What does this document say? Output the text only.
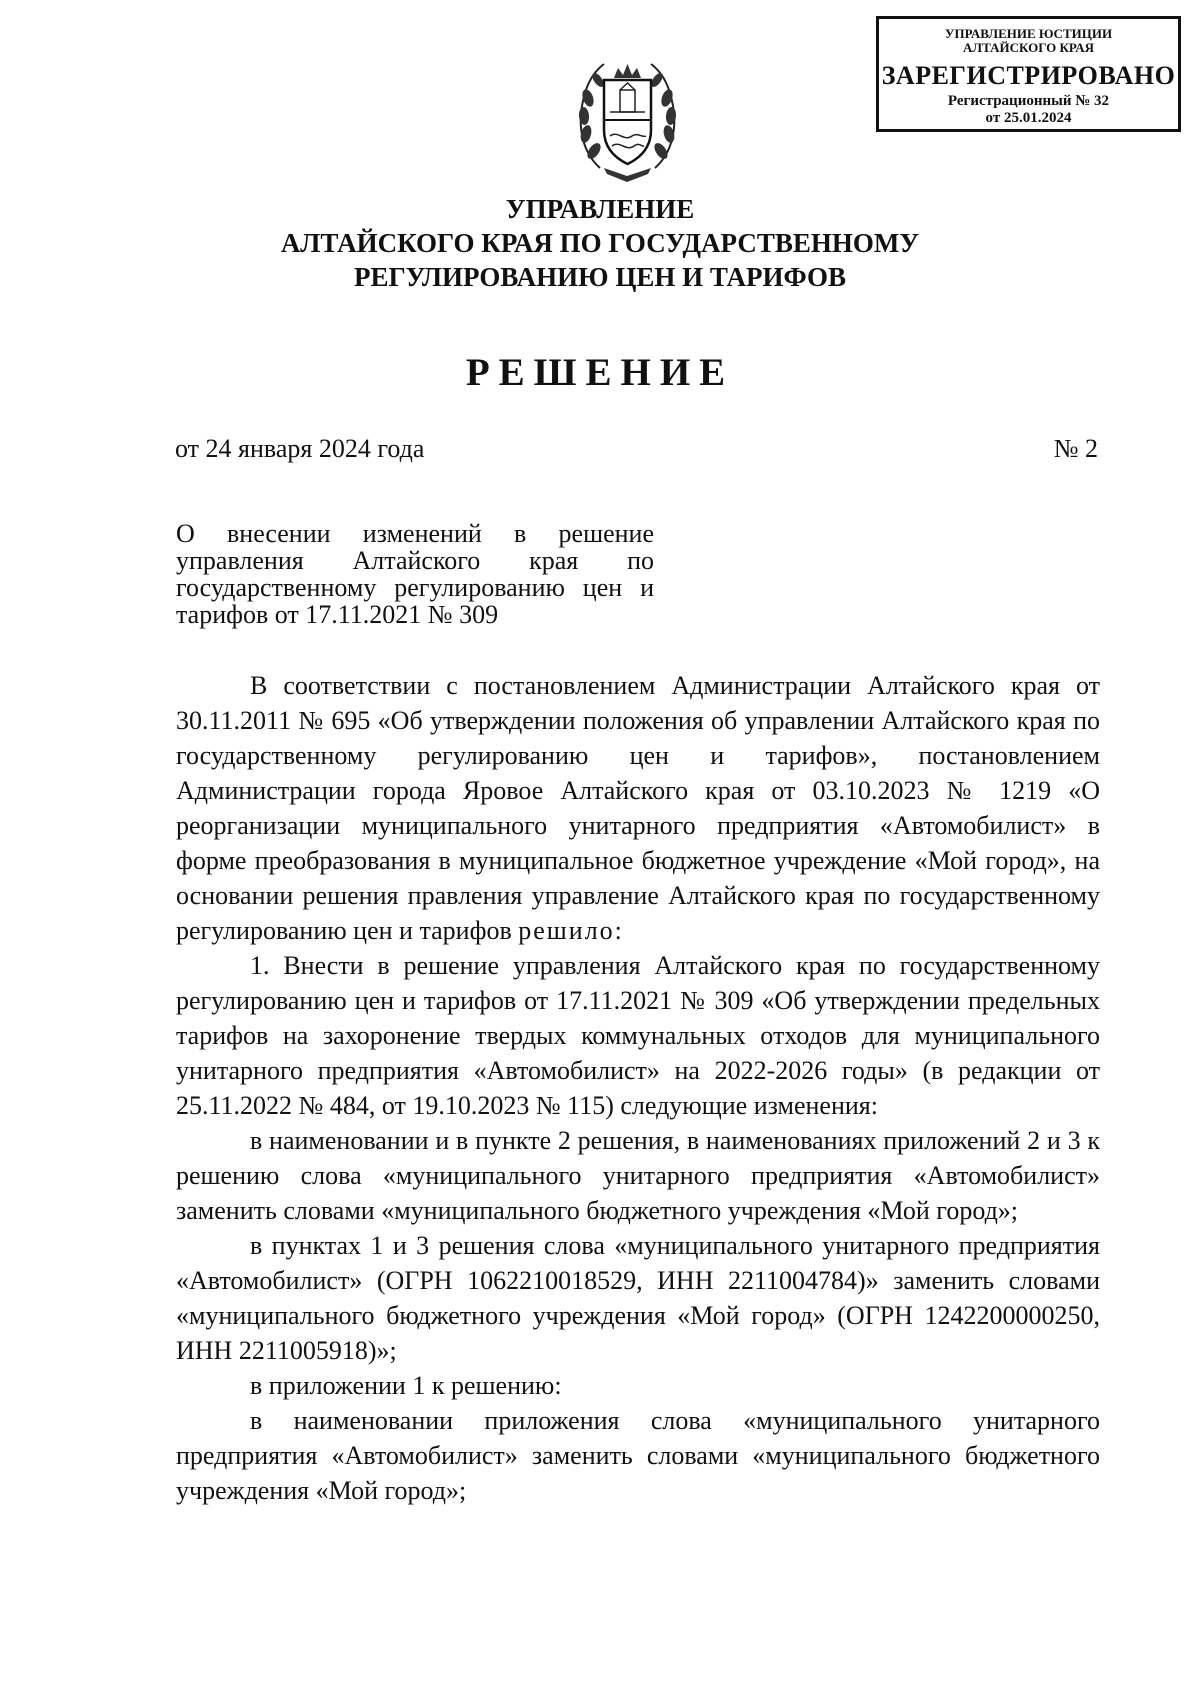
УПРАВЛЕНИЕ ЮСТИЦИИ
АЛТАЙСКОГО КРАЯ
ЗАРЕГИСТРИРОВАНО
Регистрационный № 32
от 25.01.2024
УПРАВЛЕНИЕ
АЛТАЙСКОГО КРАЯ ПО ГОСУДАРСТВЕННОМУ
РЕГУЛИРОВАНИЮ ЦЕН И ТАРИФОВ
РЕШЕНИЕ
от 24 января 2024 года	№ 2
О внесении изменений в решение управления Алтайского края по государственному регулированию цен и тарифов от 17.11.2021 № 309

В соответствии с постановлением Администрации Алтайского края от 30.11.2011 № 695 «Об утверждении положения об управлении Алтайского края по государственному регулированию цен и тарифов», постановлением Администрации города Яровое Алтайского края от 03.10.2023 № 1219 «О реорганизации муниципального унитарного предприятия «Автомобилист» в форме преобразования в муниципальное бюджетное учреждение «Мой город», на основании решения правления управление Алтайского края по государственному регулированию цен и тарифов решило:

1. Внести в решение управления Алтайского края по государственному регулированию цен и тарифов от 17.11.2021 № 309 «Об утверждении предельных тарифов на захоронение твердых коммунальных отходов для муниципального унитарного предприятия «Автомобилист» на 2022-2026 годы» (в редакции от 25.11.2022 № 484, от 19.10.2023 № 115) следующие изменения:

в наименовании и в пункте 2 решения, в наименованиях приложений 2 и 3 к решению слова «муниципального унитарного предприятия «Автомобилист» заменить словами «муниципального бюджетного учреждения «Мой город»;

в пунктах 1 и 3 решения слова «муниципального унитарного предприятия «Автомобилист» (ОГРН 1062210018529, ИНН 2211004784)» заменить словами «муниципального бюджетного учреждения «Мой город» (ОГРН 1242200000250, ИНН 2211005918)»;

в приложении 1 к решению:

в наименовании приложения слова «муниципального унитарного предприятия «Автомобилист» заменить словами «муниципального бюджетного учреждения «Мой город»;
